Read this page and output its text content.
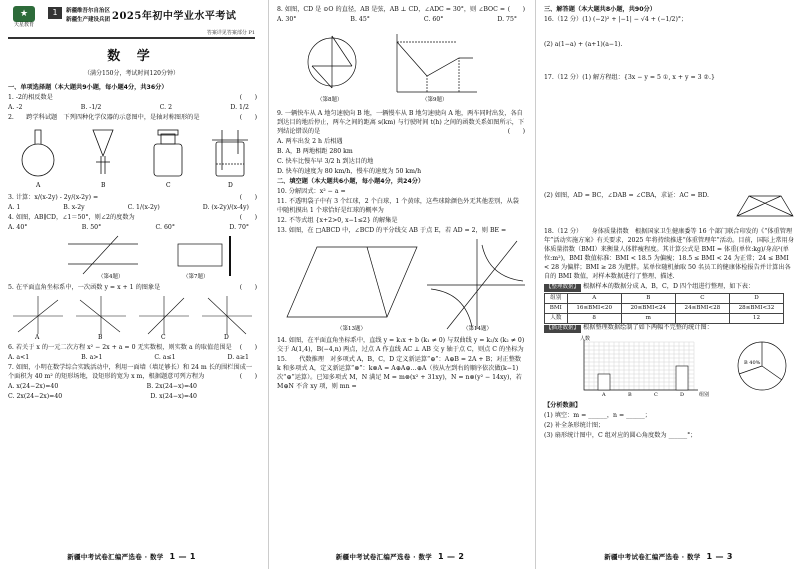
★
天星教育
1	新疆维吾尔自治区
新疆生产建设兵团 2025年初中学业水平考试
答案详见答案部分 P1
数 学
（满分150分，考试时间120分钟）
一、单项选择题（本大题共9小题，每小题4分，共36分）
1. -2的相反数是	(　　)
A. -2	B. -1/2	C. 2	D. 1/2
2.　　跨学科试题　下列四种化学仪器的示意图中，是轴对称图形的是	(　　)
A	B	C	D
3. 计算：x/(x-2y) - 2y/(x-2y) =	(　　)
A. 1	B. x-2y	C. 1/(x-2y)	D. (x-2y)/(x-4y)
4. 如图，AB∥CD，∠1＝50°，则∠2的度数为	(　　)
A. 40°	B. 50°	C. 60°	D. 70°
（第4题）	（第7题）
5. 在平面直角坐标系中，一次函数 y = x + 1 的图象是	(　　)
A	B	C	D
6. 若关于 x 的一元二次方程 x² − 2x + a = 0 无实数根，则实数 a 的取值范围是 (　　)
A. a<1	B. a>1	C. a≤1	D. a≥1
7. 如图，小明在数学综合实践活动中，利用一面墙（墙足够长）和 24 m 长的围栏围成一个面积为 40 m² 的矩形场地，设矩形的宽为 x m，根据题意可列方程为	(　　)
A. x(24−2x)=40	B. 2x(24−x)=40
C. 2x(24−2x)=40	D. x(24−x)=40
新疆中考试卷汇编严选卷 · 数学 1 — 1
8. 如图，CD 是 ⊙O 的直径，AB 是弦，AB ⊥ CD，∠ADC = 30°，则 ∠BOC = (　　)
A. 30°	B. 45°	C. 60°	D. 75°
（第8题）	（第9题）
9. 一辆快车从 A 地匀速驶向 B 地，一辆慢车从 B 地匀速驶向 A 地，两车同时出发，各自到达目的地后停止，两车之间的距离 s(km) 与行驶时间 t(h) 之间的函数关系如图所示，下列结论错误的是	(　　)
A. 两车出发 2 h 后相遇
B. A，B 两地相距 280 km
C. 快车比慢车早 3/2 h 到达目的地
D. 快车的速度为 80 km/h，慢车的速度为 50 km/h
二、填空题（本大题共6小题，每小题4分，共24分）
10. 分解因式：x² − a =
11. 不透明袋子中有 3 个红球，2 个白球，1 个黄球，这些球除颜色外无其他差别，从袋中随机摸出 1 个球恰好是红球的概率为
12. 不等式组 {x+2>0, x−1≤2} 的解集是
13. 如图，在 □ABCD 中，∠BCD 的平分线交 AB 于点 E，若 AD = 2，则 BE =
（第13题）	（第14题）
14. 如图，在平面直角坐标系中，直线 y = k₁x + b (k₁ ≠ 0) 与双曲线 y = k₂/x (k₂ ≠ 0) 交于 A(1,4)，B(−4,n) 两点，过点 A 作直线 AC ⊥ AB 交 y 轴于点 C，则点 C 的坐标为
15.　　代数推理　对多项式 A，B，C，D 定义新运算“⊕”：A⊕B = 2A + B；对正整数 k 和多项式 A，定义新运算“⊗”：k⊗A = A⊕A⊕…⊕A（按从左到右的顺序依次做(k−1)次“⊕”运算）。已知多项式 M，N 满足 M = m⊗(x² + 31xy)，N = n⊗(y² − 14xy)，若 M⊕N 不含 xy 项，则 mn =
新疆中考试卷汇编严选卷 · 数学 1 — 2
三、解答题（本大题共8小题，共90分）
16.（12 分）(1) (−2)² + |−1| − √4 + (−1/2)°；
(2) a(1−a) + (a+1)(a−1).
17.（12 分）(1) 解方程组：{3x − y = 5 ①, x + y = 3 ②.}
(2) 如图，AD = BC，∠DAB = ∠CBA，求证：AC = BD.
18.（12 分）　　身体质量指数　根据国家卫生健康委等 16 个部门联合印发的《“体重管理年”活动实施方案》有关要求，2025 年将持续推进“体重管理年”活动。目前，国际上常用身体质量指数（BMI）来衡量人体胖瘦程度。其计算公式是 BMI = 体重(单位:kg)/身高²(单位:m²)，BMI 数值标准：BMI < 18.5 为偏瘦；18.5 ≤ BMI < 24 为正常；24 ≤ BMI < 28 为偏胖；BMI ≥ 28 为肥胖。某单位随机抽取 50 名员工的健康体检报告并计算出各自的 BMI 数值，对样本数据进行了整理、描述.
【整理数据】 根据样本的数据分成 A，B，C，D 四个组进行整理，如下表：
组别	A	B	C	D
BMI	16≤BMI<20	20≤BMI<24	24≤BMI<28	28≤BMI<32
人数	8	m		12
【描述数据】 根据整理数据绘制了如下两幅不完整的统计图：
人数
组别
A	B	C	D
B 40%
【分析数据】
(1) 填空：m = ______，n = ______；
(2) 补全条形统计图；
(3) 扇形统计图中，C 组对应的圆心角度数为 ______°；
新疆中考试卷汇编严选卷 · 数学 1 — 3
